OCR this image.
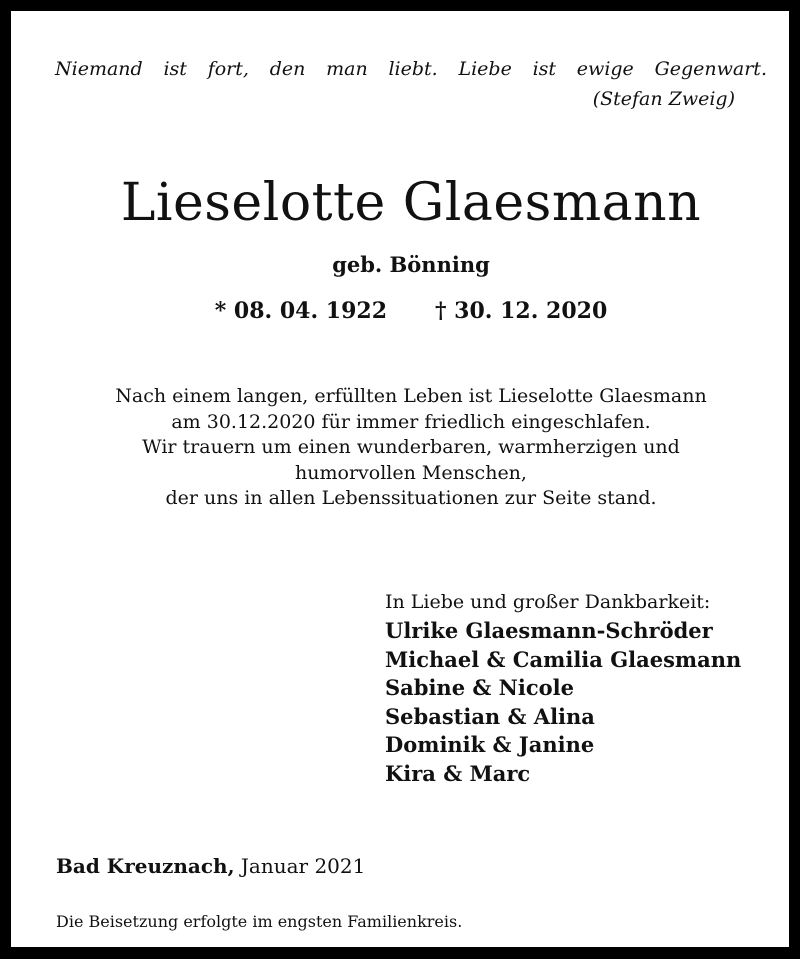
Niemand ist fort, den man liebt. Liebe ist ewige Gegenwart.
(Stefan Zweig)
Lieselotte Glaesmann
geb. Bönning
* 08. 04. 1922 † 30. 12. 2020
Nach einem langen, erfüllten Leben ist Lieselotte Glaesmann
am 30.12.2020 für immer friedlich eingeschlafen.
Wir trauern um einen wunderbaren, warmherzigen und
humorvollen Menschen,
der uns in allen Lebenssituationen zur Seite stand.
In Liebe und großer Dankbarkeit:
Ulrike Glaesmann-Schröder
Michael & Camilia Glaesmann
Sabine & Nicole
Sebastian & Alina
Dominik & Janine
Kira & Marc
Bad Kreuznach, Januar 2021
Die Beisetzung erfolgte im engsten Familienkreis.
